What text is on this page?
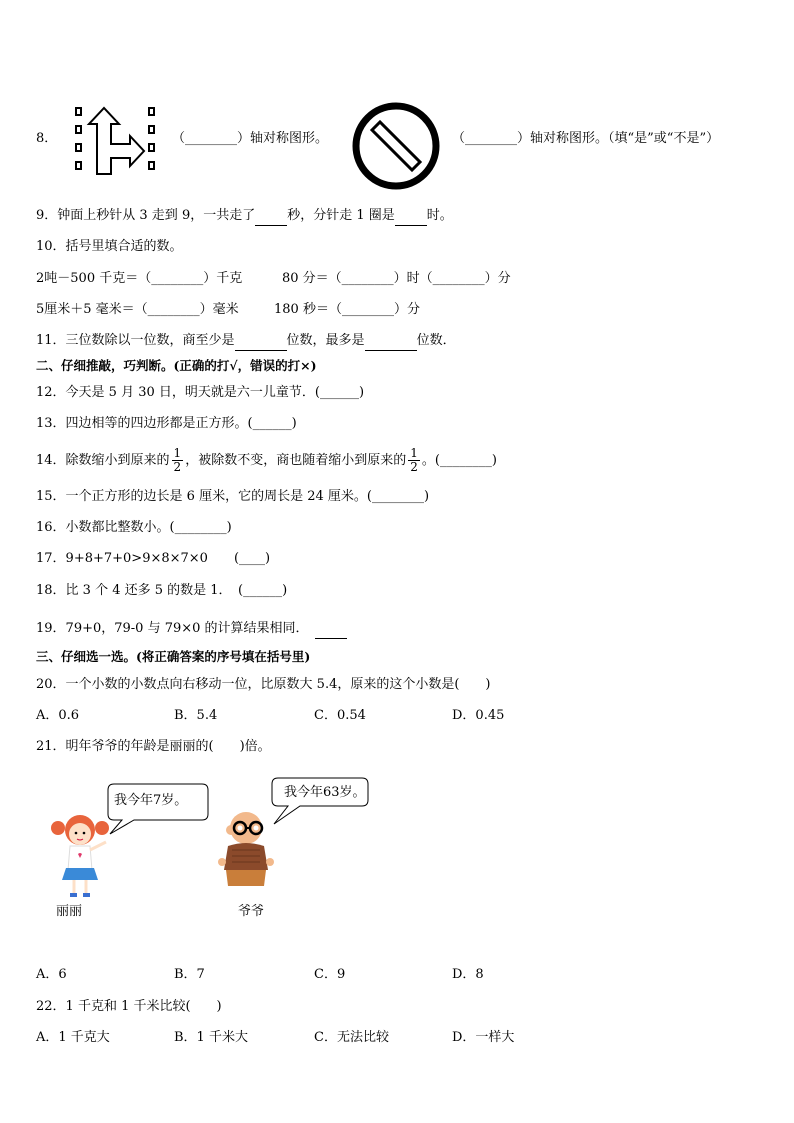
8．	（________）轴对称图形。	（________）轴对称图形。（填“是”或“不是”）
9．钟面上秒针从 3 走到 9，一共走了 秒，分针走 1 圈是 时。
10．括号里填合适的数。
2吨－500 千克＝（________）千克	80 分＝（________）时（________）分
5厘米＋5 毫米＝（________）毫米	180 秒＝（________）分
11．三位数除以一位数，商至少是	位数，最多是	位数．
二、仔细推敲，巧判断。(正确的打√，错误的打×)
12．今天是 5 月 30 日，明天就是六一儿童节．(______)
13．四边相等的四边形都是正方形。(______)
14．除数缩小到原来的 $\frac{1}{2}$ ，被除数不变，商也随着缩小到原来的 $\frac{1}{2}$ 。(________)
15．一个正方形的边长是 6 厘米，它的周长是 24 厘米。(________)
16．小数都比整数小。(________)
17．9+8+7+0>9×8×7×0　　(____)
18．比 3 个 4 还多 5 的数是 1．　(______)
19．79+0，79-0 与 79×0 的计算结果相同．
三、仔细选一选。(将正确答案的序号填在括号里)
20．一个小数的小数点向右移动一位，比原数大 5.4，原来的这个小数是(　　)
A．0.6	B．5.4	C．0.54	D．0.45
21．明年爷爷的年龄是丽丽的(　　)倍。
我今年7岁。
我今年63岁。
丽丽	爷爷
A．6	B．7	C．9	D．8
22．1 千克和 1 千米比较(　　)
A．1 千克大	B．1 千米大	C．无法比较	D．一样大
